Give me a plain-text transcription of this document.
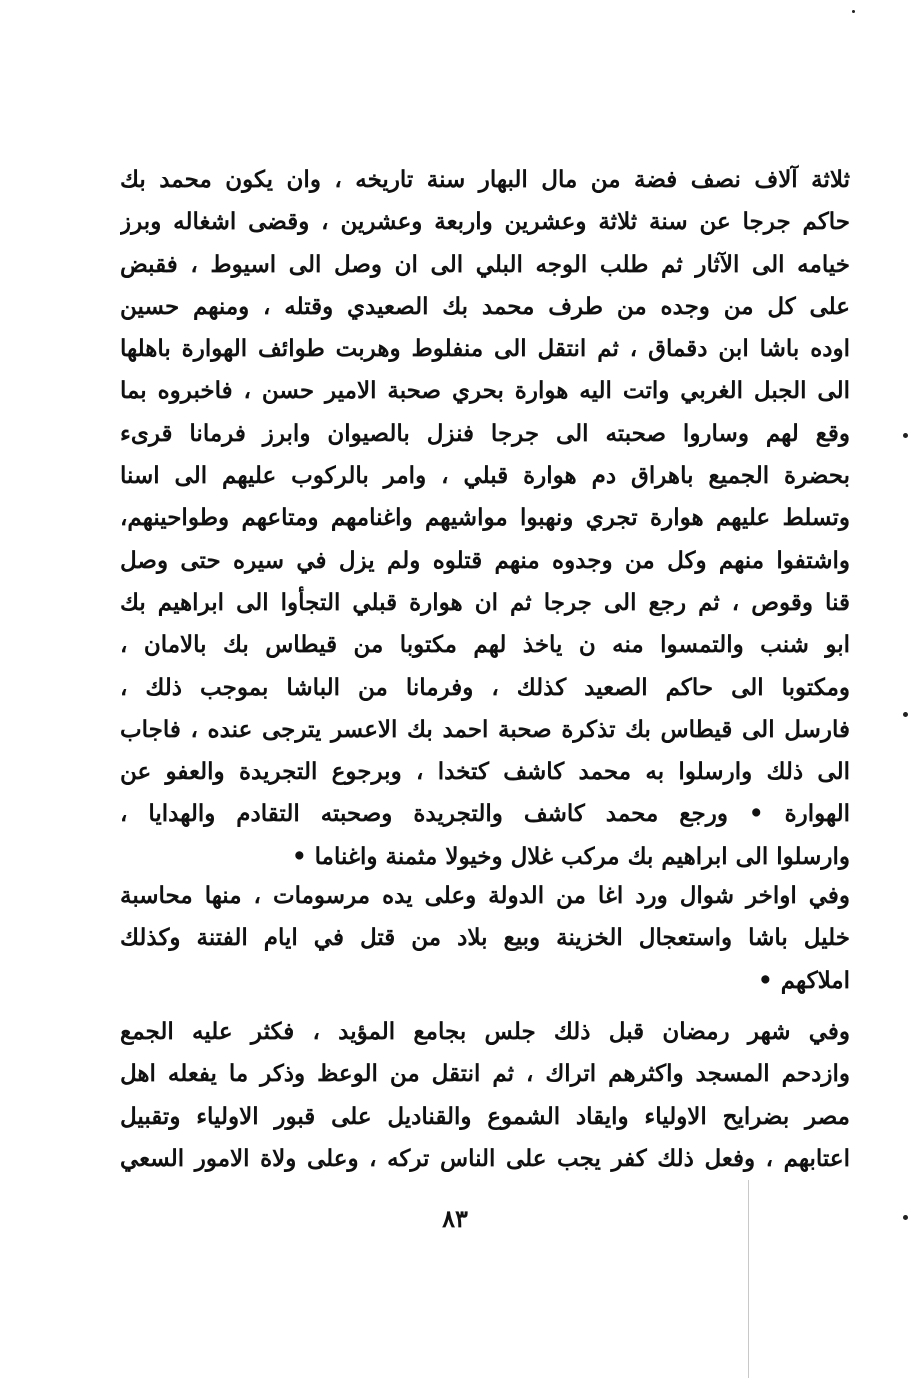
ثلاثة آلاف نصف فضة من مال البهار سنة تاريخه ، وان يكون محمد بك
حاكم جرجا عن سنة ثلاثة وعشرين واربعة وعشرين ، وقضى اشغاله وبرز
خيامه الى الآثار ثم طلب الوجه البلي الى ان وصل الى اسيوط ، فقبض
على كل من وجده من طرف محمد بك الصعيدي وقتله ، ومنهم حسين
اوده باشا ابن دقماق ، ثم انتقل الى منفلوط وهربت طوائف الهوارة باهلها
الى الجبل الغربي واتت اليه هوارة بحري صحبة الامير حسن ، فاخبروه بما
وقع لهم وساروا صحبته الى جرجا فنزل بالصيوان وابرز فرمانا قرىء
بحضرة الجميع باهراق دم هوارة قبلي ، وامر بالركوب عليهم الى اسنا
وتسلط عليهم هوارة تجري ونهبوا مواشيهم واغنامهم ومتاعهم وطواحينهم،
واشتفوا منهم وكل من وجدوه منهم قتلوه ولم يزل في سيره حتى وصل
قنا وقوص ، ثم رجع الى جرجا ثم ان هوارة قبلي التجأوا الى ابراهيم بك
ابو شنب والتمسوا منه ن ياخذ لهم مكتوبا من قيطاس بك بالامان ،
ومكتوبا الى حاكم الصعيد كذلك ، وفرمانا من الباشا بموجب ذلك ،
فارسل الى قيطاس بك تذكرة صحبة احمد بك الاعسر يترجى عنده ، فاجاب
الى ذلك وارسلوا به محمد كاشف كتخدا ، وبرجوع التجريدة والعفو عن
الهوارة • ورجع محمد كاشف والتجريدة وصحبته التقادم والهدايا ،
وارسلوا الى ابراهيم بك مركب غلال وخيولا مثمنة واغناما •
وفي اواخر شوال ورد اغا من الدولة وعلى يده مرسومات ، منها محاسبة
خليل باشا واستعجال الخزينة وبيع بلاد من قتل في ايام الفتنة وكذلك
املاكهم •
وفي شهر رمضان قبل ذلك جلس بجامع المؤيد ، فكثر عليه الجمع
وازدحم المسجد واكثرهم اتراك ، ثم انتقل من الوعظ وذكر ما يفعله اهل
مصر بضرايح الاولياء وايقاد الشموع والقناديل على قبور الاولياء وتقبيل
اعتابهم ، وفعل ذلك كفر يجب على الناس تركه ، وعلى ولاة الامور السعي
٨٣
